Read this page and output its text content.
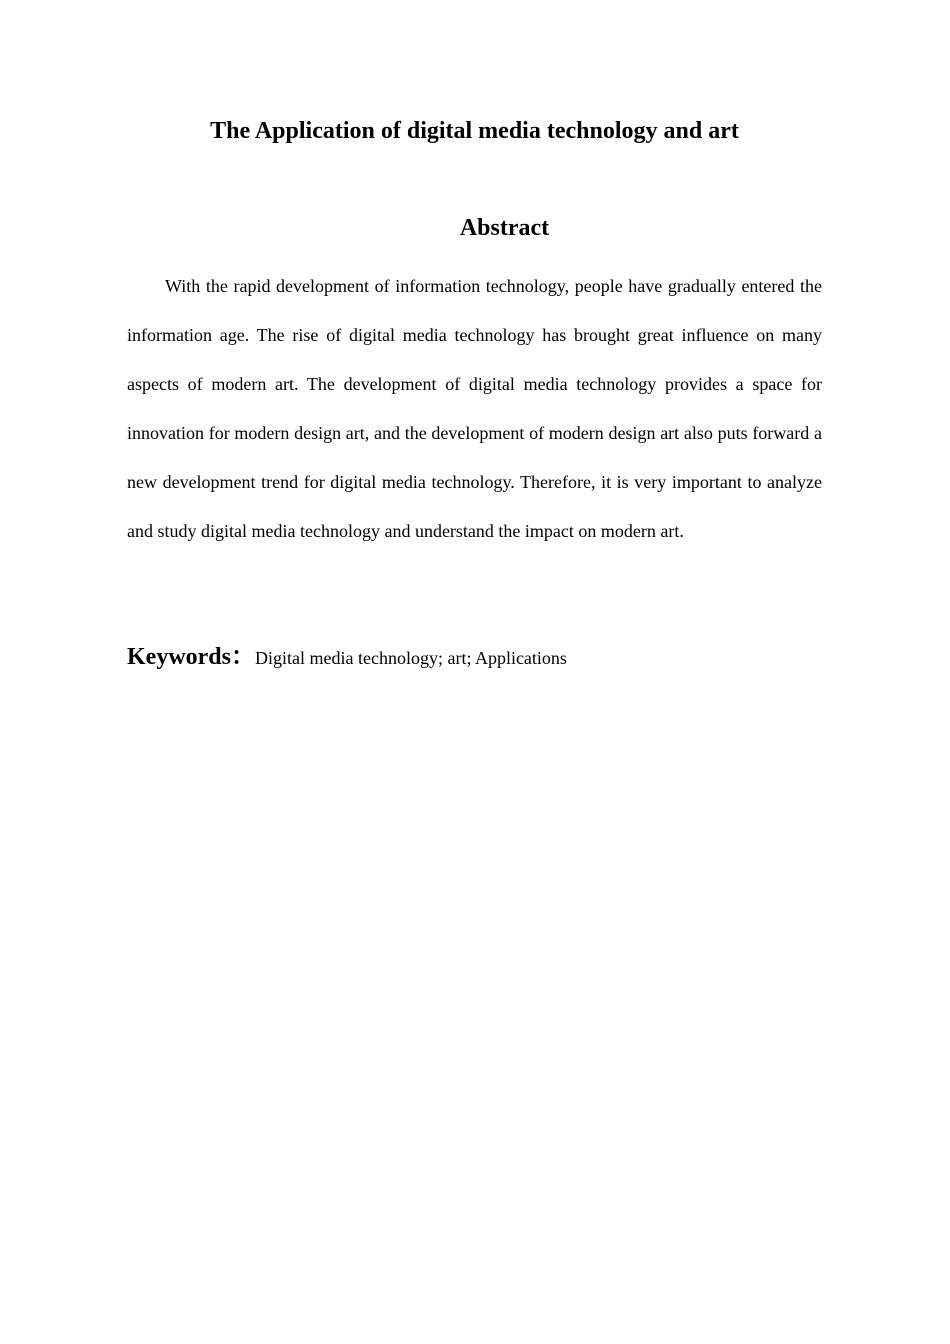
The Application of digital media technology and art
Abstract

With the rapid development of information technology, people have gradually entered the information age. The rise of digital media technology has brought great influence on many aspects of modern art. The development of digital media technology provides a space for innovation for modern design art, and the development of modern design art also puts forward a new development trend for digital media technology. Therefore, it is very important to analyze and study digital media technology and understand the impact on modern art.

Keywords：Digital media technology; art; Applications
